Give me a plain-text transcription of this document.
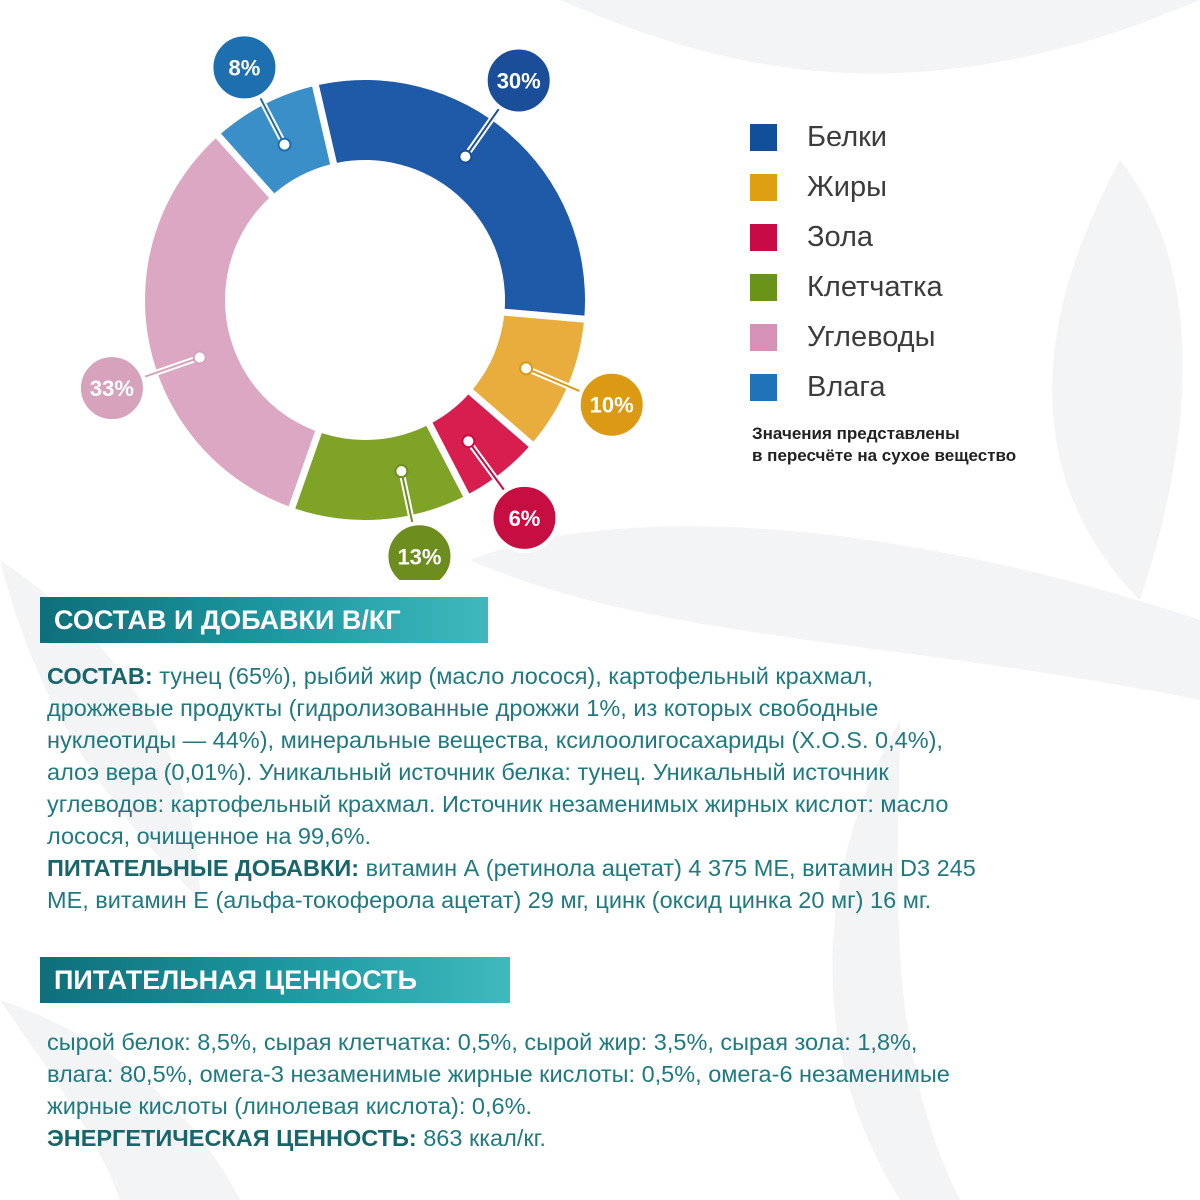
30%
10%
6%
13%
33%
8%
Белки
Жиры
Зола
Клетчатка
Углеводы
Влага
Значения представлены
в пересчёте на сухое вещество
СОСТАВ И ДОБАВКИ В/КГ
СОСТАВ: тунец (65%), рыбий жир (масло лосося), картофельный крахмал,
дрожжевые продукты (гидролизованные дрожжи 1%, из которых свободные
нуклеотиды — 44%), минеральные вещества, ксилоолигосахариды (X.O.S. 0,4%),
алоэ вера (0,01%). Уникальный источник белка: тунец. Уникальный источник
углеводов: картофельный крахмал. Источник незаменимых жирных кислот: масло
лосося, очищенное на 99,6%.
ПИТАТЕЛЬНЫЕ ДОБАВКИ: витамин А (ретинола ацетат) 4 375 МЕ, витамин D3 245
МЕ, витамин Е (альфа-токоферола ацетат) 29 мг, цинк (оксид цинка 20 мг) 16 мг.
ПИТАТЕЛЬНАЯ ЦЕННОСТЬ
сырой белок: 8,5%, сырая клетчатка: 0,5%, сырой жир: 3,5%, сырая зола: 1,8%,
влага: 80,5%, омега-3 незаменимые жирные кислоты: 0,5%, омега-6 незаменимые
жирные кислоты (линолевая кислота): 0,6%.
ЭНЕРГЕТИЧЕСКАЯ ЦЕННОСТЬ: 863 ккал/кг.
